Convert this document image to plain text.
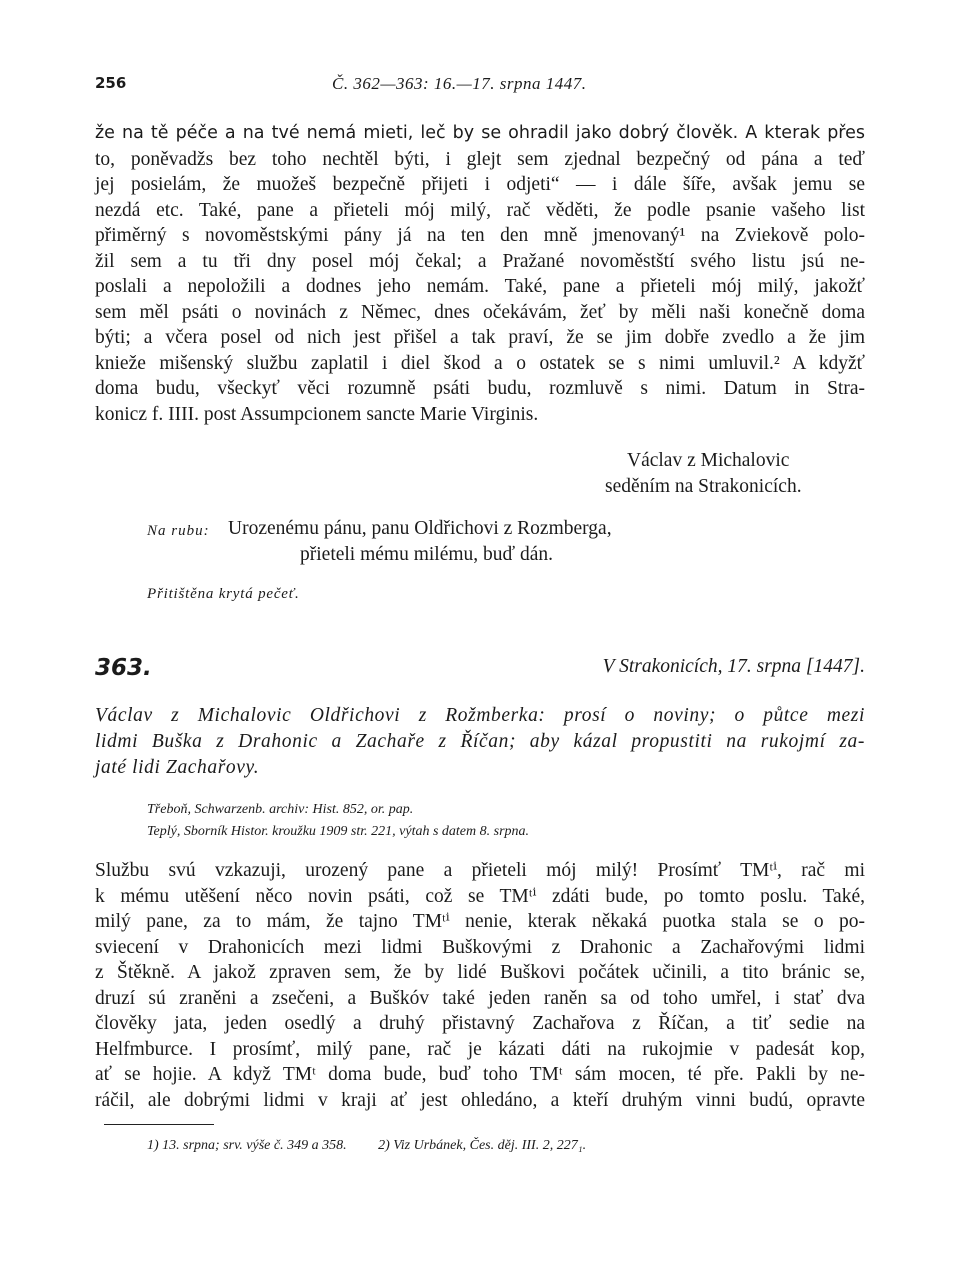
256	Č. 362—363: 16.—17. srpna 1447.
že na tě péče a na tvé nemá mieti, leč by se ohradil jako dobrý člověk. A kterak přes
to, poněvadžs bez toho nechtěl býti, i glejt sem zjednal bezpečný od pána a teď
jej posielám, že muožeš bezpečně přijeti i odjeti“ — i dále šíře, avšak jemu se
nezdá etc. Také, pane a přieteli mój milý, rač věděti, že podle psanie vašeho list
přiměrný s novoměstskými pány já na ten den mně jmenovaný¹ na Zviekově polo-
žil sem a tu tři dny posel mój čekal; a Pražané novoměstští svého listu jsú ne-
poslali a nepoložili a dodnes jeho nemám. Také, pane a přieteli mój milý, jakožť
sem měl psáti o novinách z Němec, dnes očekávám, žeť by měli naši konečně doma
býti; a včera posel od nich jest přišel a tak praví, že se jim dobře zvedlo a že jim
knieže mišenský službu zaplatil i diel škod a o ostatek se s nimi umluvil.² A kdyžť
doma budu, všeckyť věci rozumně psáti budu, rozmluvě s nimi. Datum in Stra-
konicz f. IIII. post Assumpcionem sancte Marie Virginis.
Václav z Michalovic
seděním na Strakonicích.
Na rubu: Urozenému pánu, panu Oldřichovi z Rozmberga,
přieteli mému milému, buď dán.
Přitištěna krytá pečeť.
363.	V Strakonicích, 17. srpna [1447].
Václav z Michalovic Oldřichovi z Rožmberka: prosí o noviny; o půtce mezi
lidmi Buška z Drahonic a Zachaře z Říčan; aby kázal propustiti na rukojmí za-
jaté lidi Zachařovy.
Třeboň, Schwarzenb. archiv: Hist. 852, or. pap.
Teplý, Sborník Histor. kroužku 1909 str. 221, výtah s datem 8. srpna.
Službu svú vzkazuji, urozený pane a přieteli mój milý! Prosímť TMᵗⁱ, rač mi
k mému utěšení něco novin psáti, což se TMᵗⁱ zdáti bude, po tomto poslu. Také,
milý pane, za to mám, že tajno TMᵗⁱ nenie, kterak někaká puotka stala se o po-
sviecení v Drahonicích mezi lidmi Buškovými z Drahonic a Zachařovými lidmi
z Štěkně. A jakož zpraven sem, že by lidé Buškovi počátek učinili, a tito bránic se,
druzí sú zraněni a zsečeni, a Buškóv také jeden raněn sa od toho umřel, i stať dva
člověky jata, jeden osedlý a druhý přistavný Zachařova z Říčan, a tiť sedie na
Helfmburce. I prosímť, milý pane, rač je kázati dáti na rukojmie v padesát kop,
ať se hojie. A když TMᵗ doma bude, buď toho TMᵗ sám mocen, té pře. Pakli by ne-
ráčil, ale dobrými lidmi v kraji ať jest ohledáno, a kteří druhým vinni budú, opravte
1) 13. srpna; srv. výše č. 349 a 358. 2) Viz Urbánek, Čes. děj. III. 2, 227₁.
